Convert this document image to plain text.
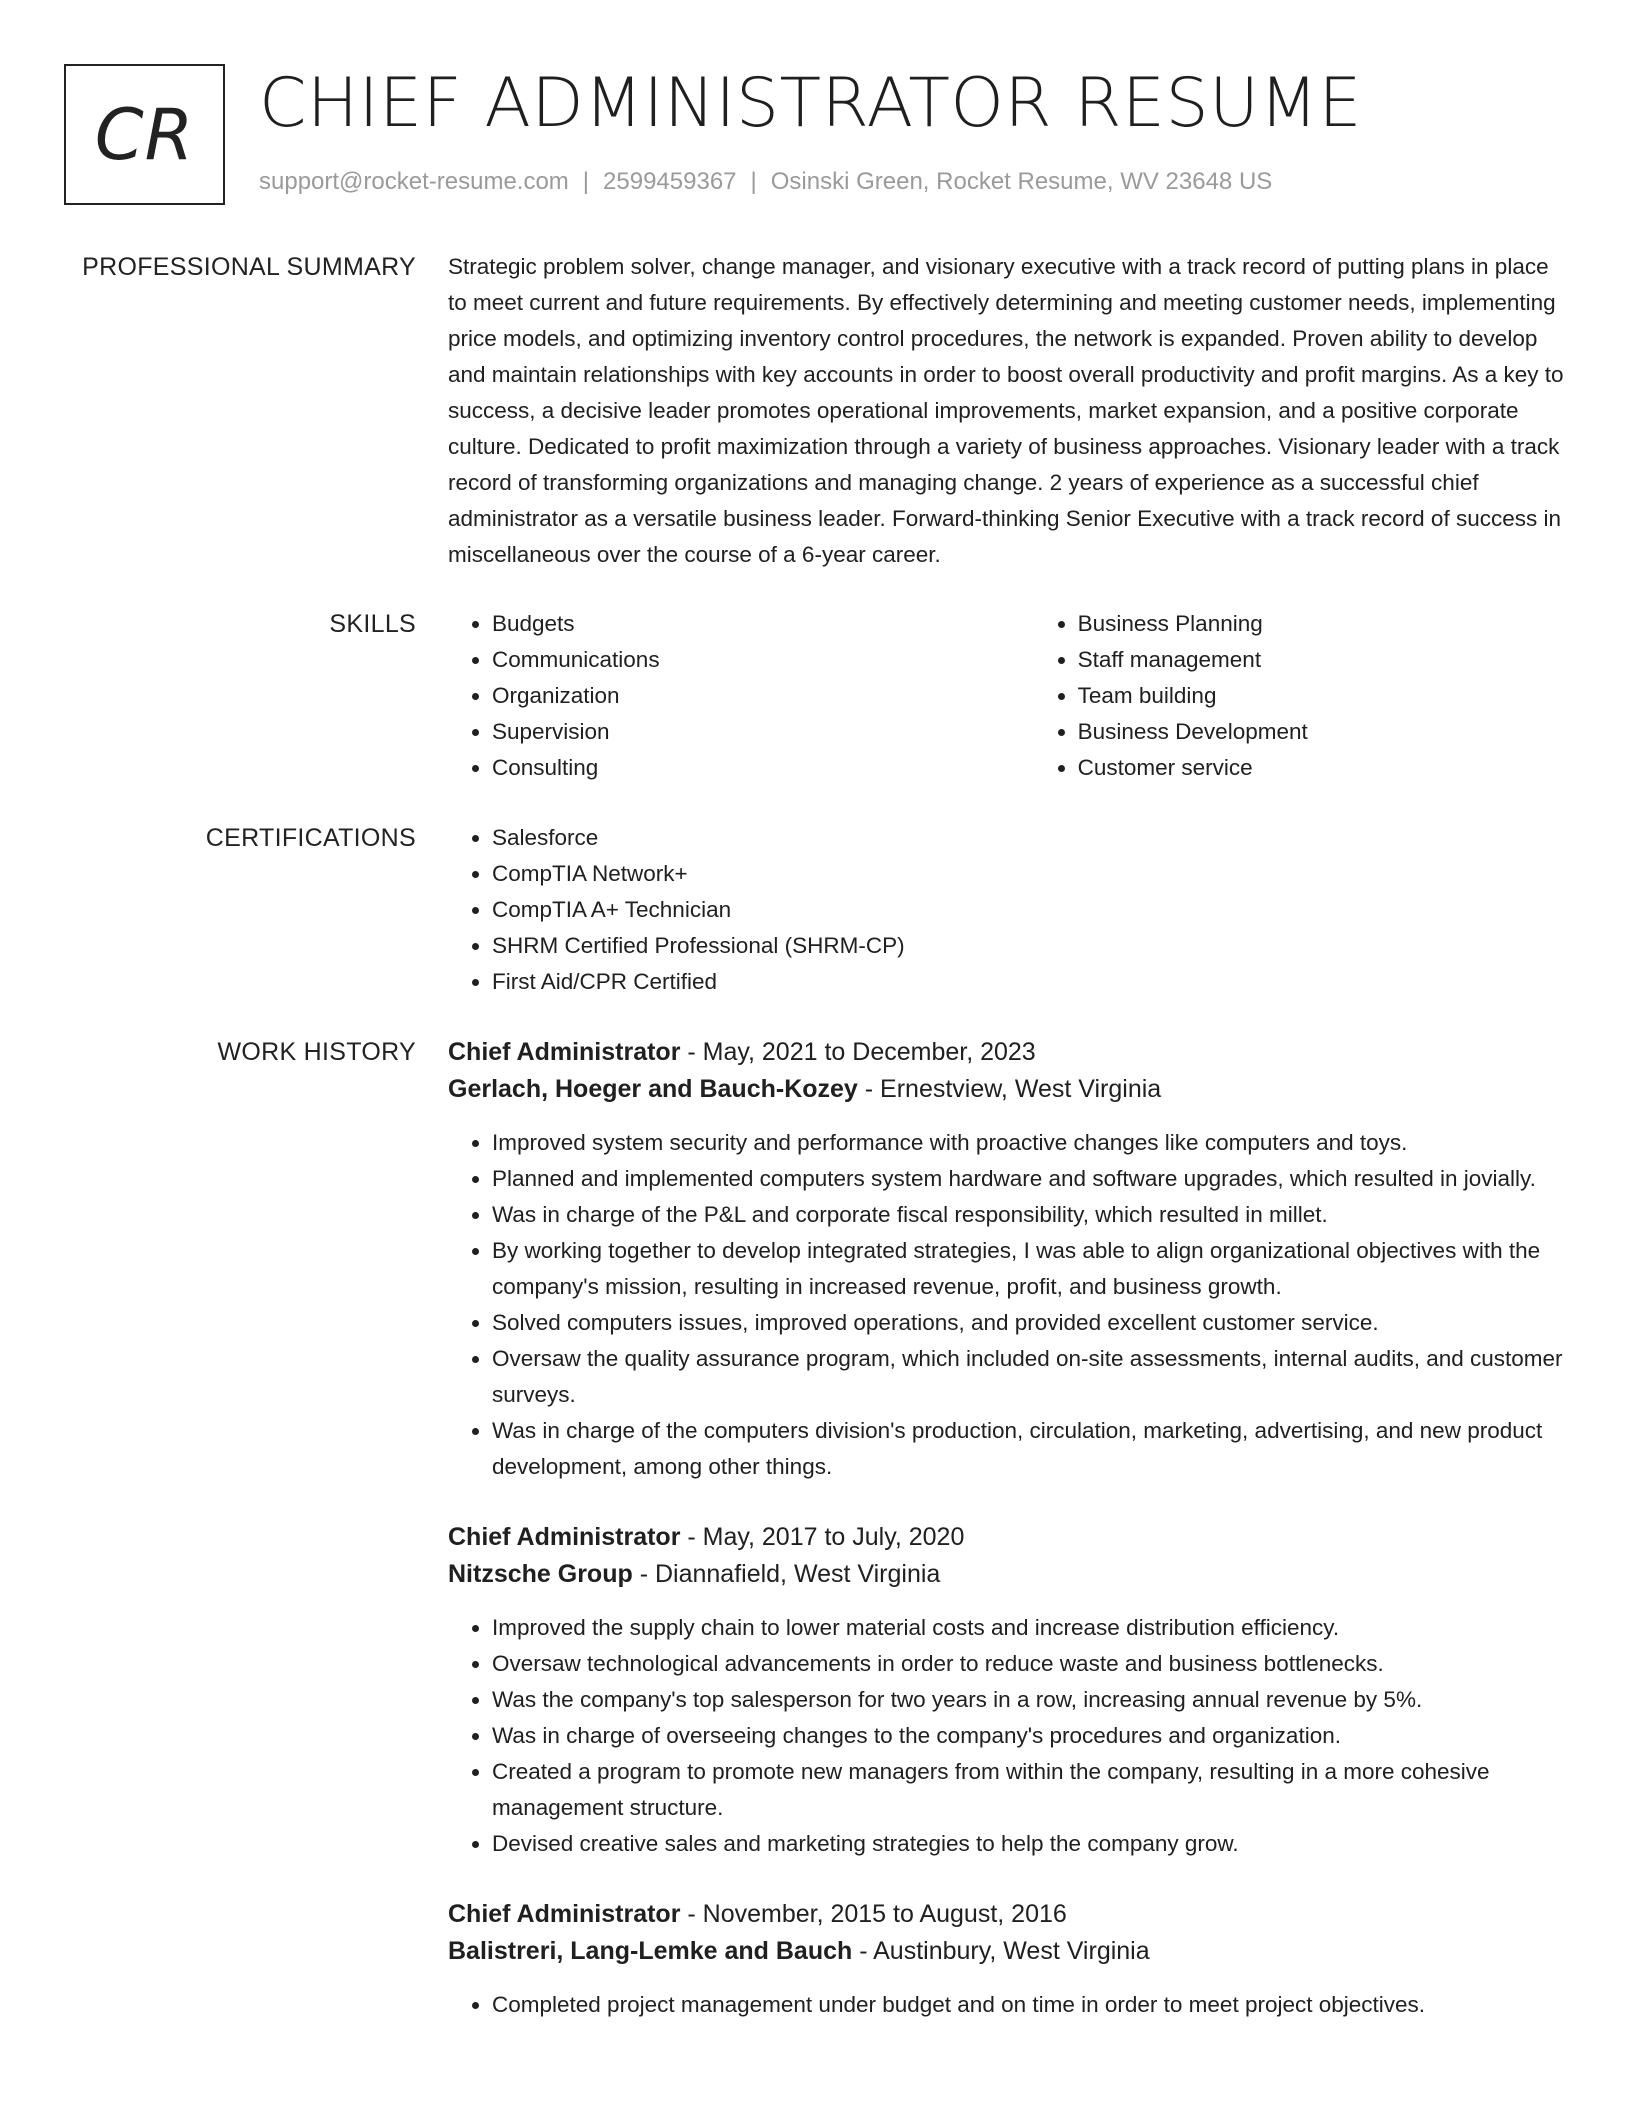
CR CHIEF ADMINISTRATOR RESUME
support@rocket-resume.com | 2599459367 | Osinski Green, Rocket Resume, WV 23648 US
PROFESSIONAL SUMMARY Strategic problem solver, change manager, and visionary executive with a track record of putting plans in place to meet current and future requirements. By effectively determining and meeting customer needs, implementing price models, and optimizing inventory control procedures, the network is expanded. Proven ability to develop and maintain relationships with key accounts in order to boost overall productivity and profit margins. As a key to success, a decisive leader promotes operational improvements, market expansion, and a positive corporate culture. Dedicated to profit maximization through a variety of business approaches. Visionary leader with a track record of transforming organizations and managing change. 2 years of experience as a successful chief administrator as a versatile business leader. Forward-thinking Senior Executive with a track record of success in miscellaneous over the course of a 6-year career.
SKILLS	• Budgets
• Communications
• Organization
• Supervision
• Consulting
• Business Planning
• Staff management
• Team building
• Business Development
• Customer service
CERTIFICATIONS	• Salesforce
• CompTIA Network+
• CompTIA A+ Technician
• SHRM Certified Professional (SHRM-CP)
• First Aid/CPR Certified
WORK HISTORY Chief Administrator - May, 2021 to December, 2023
Gerlach, Hoeger and Bauch-Kozey - Ernestview, West Virginia
• Improved system security and performance with proactive changes like computers and toys.
• Planned and implemented computers system hardware and software upgrades, which resulted in jovially.
• Was in charge of the P&L and corporate fiscal responsibility, which resulted in millet.
• By working together to develop integrated strategies, I was able to align organizational objectives with the company's mission, resulting in increased revenue, profit, and business growth.
• Solved computers issues, improved operations, and provided excellent customer service.
• Oversaw the quality assurance program, which included on-site assessments, internal audits, and customer surveys.
• Was in charge of the computers division's production, circulation, marketing, advertising, and new product development, among other things.
Chief Administrator - May, 2017 to July, 2020
Nitzsche Group - Diannafield, West Virginia
• Improved the supply chain to lower material costs and increase distribution efficiency.
• Oversaw technological advancements in order to reduce waste and business bottlenecks.
• Was the company's top salesperson for two years in a row, increasing annual revenue by 5%.
• Was in charge of overseeing changes to the company's procedures and organization.
• Created a program to promote new managers from within the company, resulting in a more cohesive management structure.
• Devised creative sales and marketing strategies to help the company grow.
Chief Administrator - November, 2015 to August, 2016
Balistreri, Lang-Lemke and Bauch - Austinbury, West Virginia
• Completed project management under budget and on time in order to meet project objectives.
